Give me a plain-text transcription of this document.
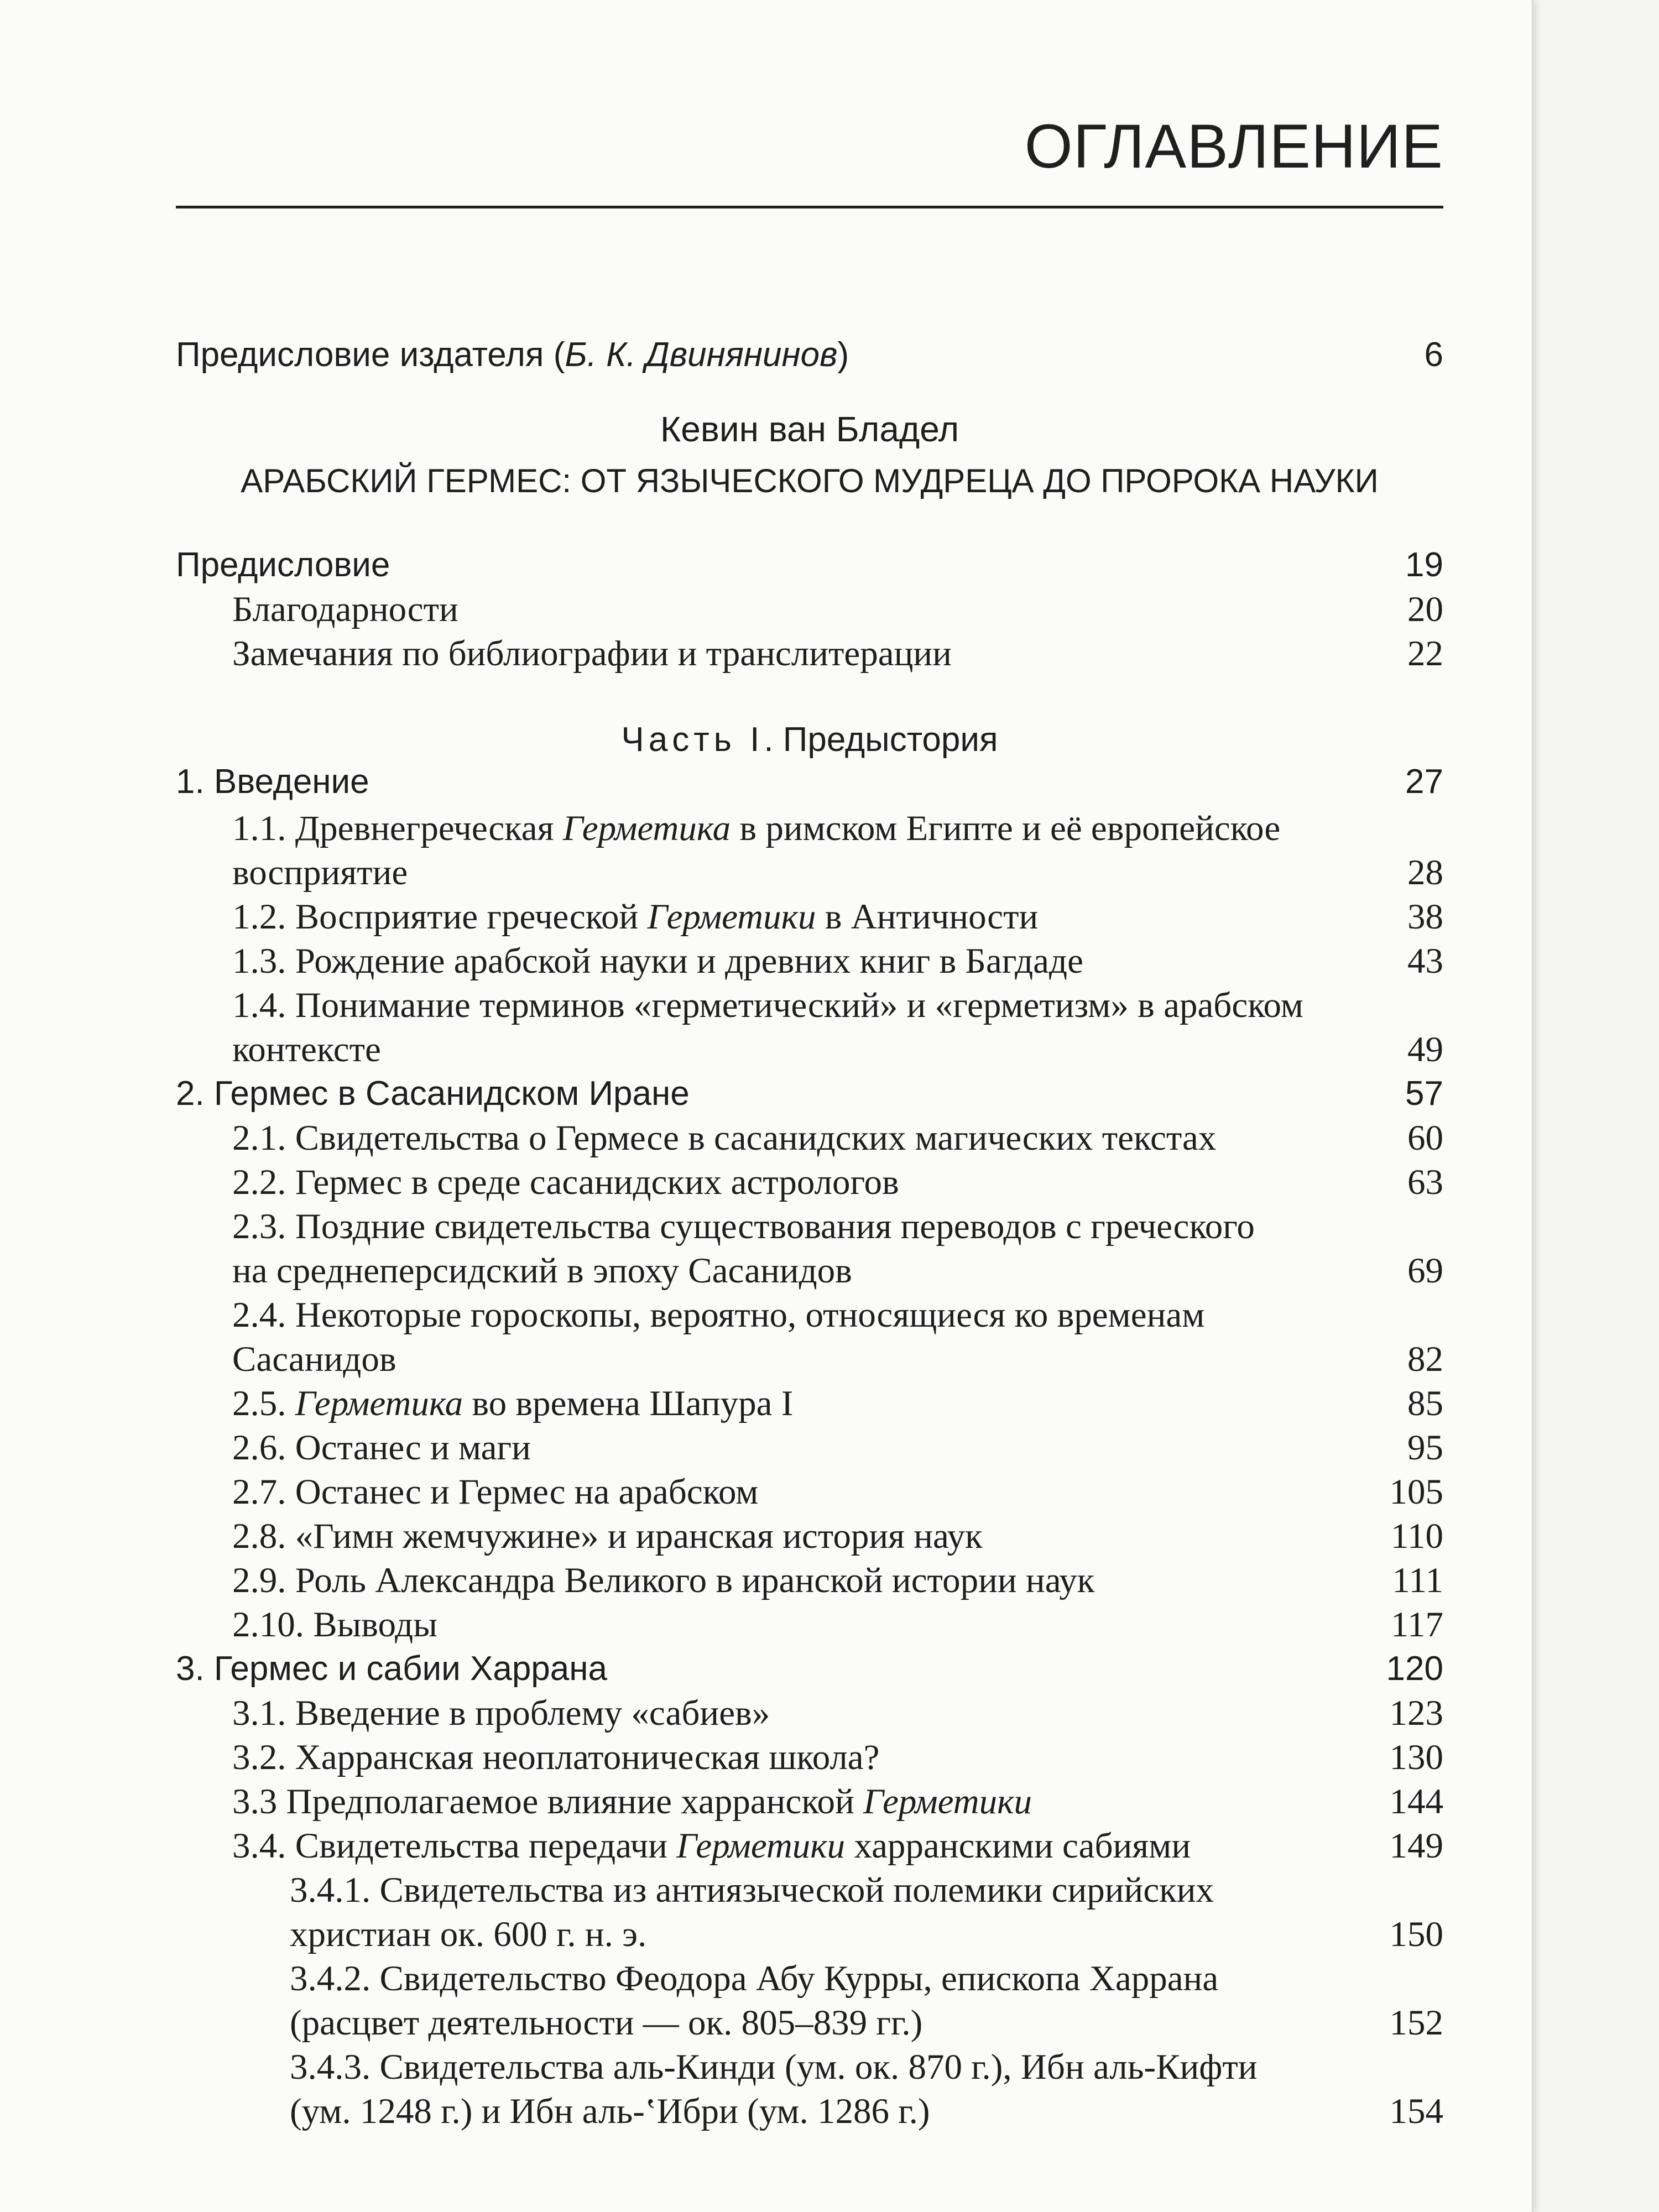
ОГЛАВЛЕНИЕ
Предисловие издателя (Б. К. Двинянинов)	6
Кевин ван Бладел
АРАБСКИЙ ГЕРМЕС: ОТ ЯЗЫЧЕСКОГО МУДРЕЦА ДО ПРОРОКА НАУКИ
Предисловие	19
Благодарности	20
Замечания по библиографии и транслитерации	22
Часть I. Предыстория
1. Введение	27
1.1. Древнегреческая Герметика в римском Египте и её европейское
восприятие	28
1.2. Восприятие греческой Герметики в Античности	38
1.3. Рождение арабской науки и древних книг в Багдаде	43
1.4. Понимание терминов «герметический» и «герметизм» в арабском
контексте	49
2. Гермес в Сасанидском Иране	57
2.1. Свидетельства о Гермесе в сасанидских магических текстах	60
2.2. Гермес в среде сасанидских астрологов	63
2.3. Поздние свидетельства существования переводов с греческого
на среднеперсидский в эпоху Сасанидов	69
2.4. Некоторые гороскопы, вероятно, относящиеся ко временам
Сасанидов	82
2.5. Герметика во времена Шапура I	85
2.6. Останес и маги	95
2.7. Останес и Гермес на арабском	105
2.8. «Гимн жемчужине» и иранская история наук	110
2.9. Роль Александра Великого в иранской истории наук	111
2.10. Выводы	117
3. Гермес и сабии Харрана	120
3.1. Введение в проблему «сабиев»	123
3.2. Харранская неоплатоническая школа?	130
3.3 Предполагаемое влияние харранской Герметики	144
3.4. Свидетельства передачи Герметики харранскими сабиями	149
3.4.1. Свидетельства из антиязыческой полемики сирийских
христиан ок. 600 г. н. э.	150
3.4.2. Свидетельство Феодора Абу Курры, епископа Харрана
(расцвет деятельности — ок. 805–839 гг.)	152
3.4.3. Свидетельства аль-Кинди (ум. ок. 870 г.), Ибн аль-Кифти
(ум. 1248 г.) и Ибн аль-ʽИбри (ум. 1286 г.)	154
